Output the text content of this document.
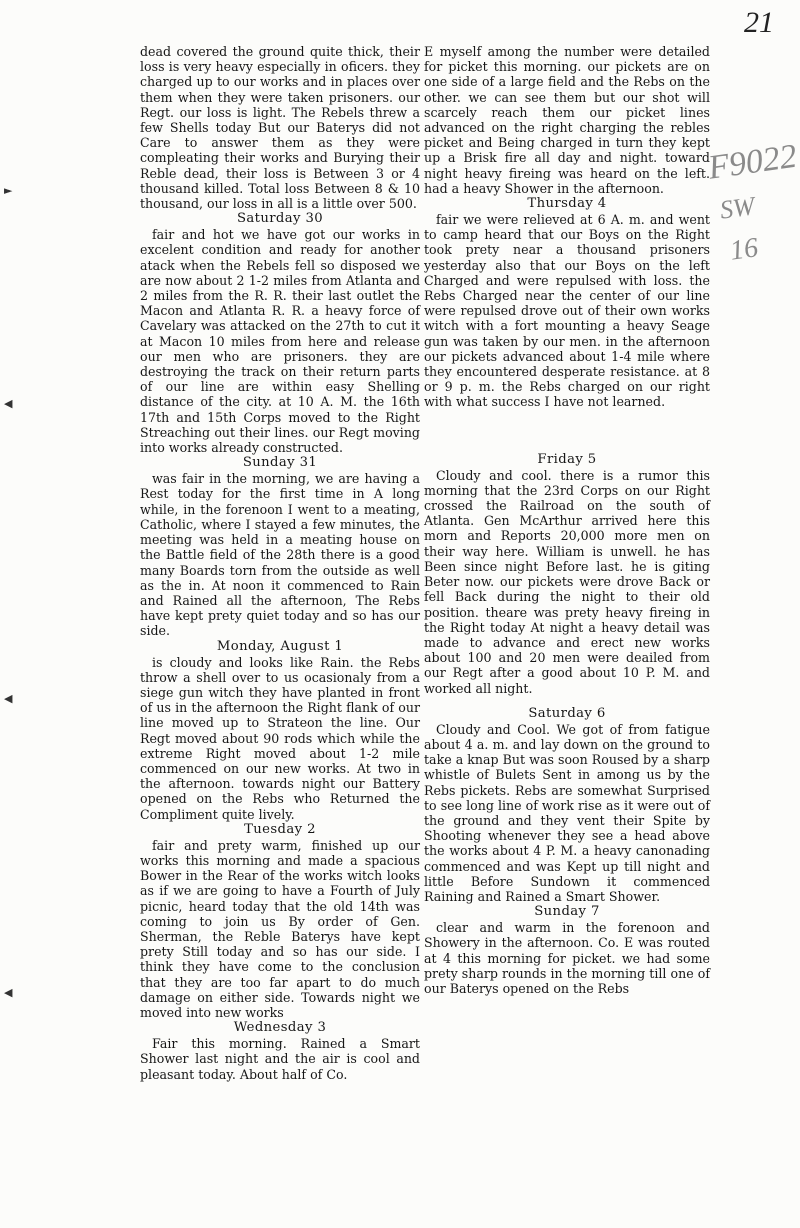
21
F9022
SW
16
►
◀
◀
◀

dead covered the ground quite thick, their loss is very heavy especially in oficers. they charged up to our works and in places over them when they were taken prisoners. our Regt. our loss is light. The Rebels threw a few Shells today But our Baterys did not Care to answer them as they were compleating their works and Burying their Reble dead, their loss is Between 3 or 4 thousand killed. Total loss Between 8 & 10 thousand, our loss in all is a little over 500.

Saturday 30

fair and hot we have got our works in excelent condition and ready for another atack when the Rebels fell so disposed we are now about 2 1-2 miles from Atlanta and 2 miles from the R. R. their last outlet the Macon and Atlanta R. R. a heavy force of Cavelary was attacked on the 27th to cut it at Macon 10 miles from here and release our men who are prisoners. they are destroying the track on their return parts of our line are within easy Shelling distance of the city. at 10 A. M. the 16th 17th and 15th Corps moved to the Right Streaching out their lines. our Regt moving into works already constructed.

Sunday 31

was fair in the morning, we are having a Rest today for the first time in A long while, in the forenoon I went to a meating, Catholic, where I stayed a few minutes, the meeting was held in a meating house on the Battle field of the 28th there is a good many Boards torn from the outside as well as the in. At noon it commenced to Rain and Rained all the afternoon, The Rebs have kept prety quiet today and so has our side.

Monday, August 1

is cloudy and looks like Rain. the Rebs throw a shell over to us ocasionaly from a siege gun witch they have planted in front of us in the afternoon the Right flank of our line moved up to Strateon the line. Our Regt moved about 90 rods which while the extreme Right moved about 1-2 mile commenced on our new works. At two in the afternoon. towards night our Battery opened on the Rebs who Returned the Compliment quite lively.

Tuesday 2

fair and prety warm, finished up our works this morning and made a spacious Bower in the Rear of the works witch looks as if we are going to have a Fourth of July picnic, heard today that the old 14th was coming to join us By order of Gen. Sherman, the Reble Baterys have kept prety Still today and so has our side. I think they have come to the conclusion that they are too far apart to do much damage on either side. Towards night we moved into new works

Wednesday 3

Fair this morning. Rained a Smart Shower last night and the air is cool and pleasant today. About half of Co.

E myself among the number were detailed for picket this morning. our pickets are on one side of a large field and the Rebs on the other. we can see them but our shot will scarcely reach them our picket lines advanced on the right charging the rebles picket and Being charged in turn they kept up a Brisk fire all day and night. toward night heavy fireing was heard on the left. had a heavy Shower in the afternoon.

Thursday 4

fair we were relieved at 6 A. m. and went to camp heard that our Boys on the Right took prety near a thousand prisoners yesterday also that our Boys on the left Charged and were repulsed with loss. the Rebs Charged near the center of our line were repulsed drove out of their own works witch with a fort mounting a heavy Seage gun was taken by our men. in the afternoon our pickets advanced about 1-4 mile where they encountered desperate resistance. at 8 or 9 p. m. the Rebs charged on our right with what success I have not learned.

Friday 5

Cloudy and cool. there is a rumor this morning that the 23rd Corps on our Right crossed the Railroad on the south of Atlanta. Gen McArthur arrived here this morn and Reports 20,000 more men on their way here. William is unwell. he has Been since night Before last. he is giting Beter now. our pickets were drove Back or fell Back during the night to their old position. theare was prety heavy fireing in the Right today At night a heavy detail was made to advance and erect new works about 100 and 20 men were deailed from our Regt after a good about 10 P. M. and worked all night.

Saturday 6

Cloudy and Cool. We got of from fatigue about 4 a. m. and lay down on the ground to take a knap But was soon Roused by a sharp whistle of Bulets Sent in among us by the Rebs pickets. Rebs are somewhat Surprised to see long line of work rise as it were out of the ground and they vent their Spite by Shooting whenever they see a head above the works about 4 P. M. a heavy canonading commenced and was Kept up till night and little Before Sundown it commenced Raining and Rained a Smart Shower.

Sunday 7

clear and warm in the forenoon and Showery in the afternoon. Co. E was routed at 4 this morning for picket. we had some prety sharp rounds in the morning till one of our Baterys opened on the Rebs
